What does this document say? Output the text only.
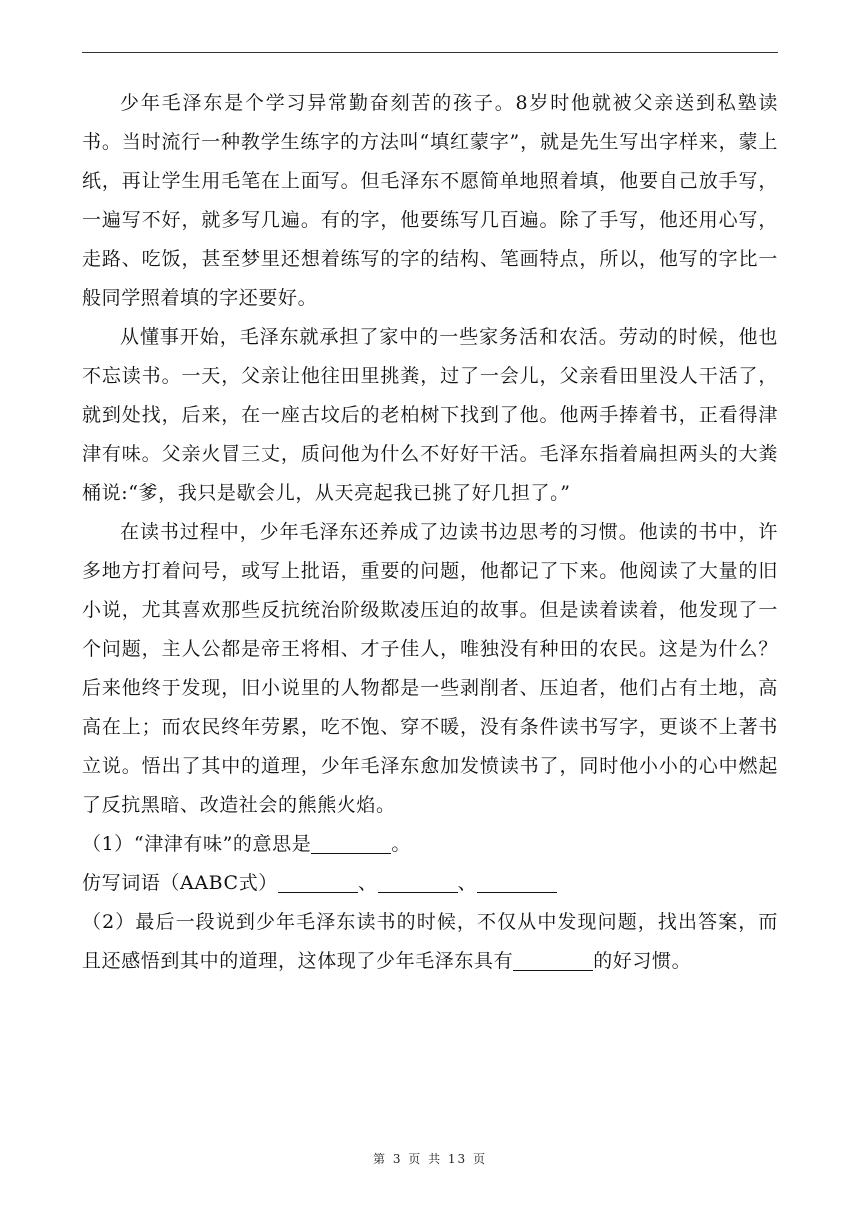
少年毛泽东是个学习异常勤奋刻苦的孩子。8岁时他就被父亲送到私塾读书。当时流行一种教学生练字的方法叫“填红蒙字”，就是先生写出字样来，蒙上纸，再让学生用毛笔在上面写。但毛泽东不愿简单地照着填，他要自己放手写，一遍写不好，就多写几遍。有的字，他要练写几百遍。除了手写，他还用心写，走路、吃饭，甚至梦里还想着练写的字的结构、笔画特点，所以，他写的字比一般同学照着填的字还要好。

从懂事开始，毛泽东就承担了家中的一些家务活和农活。劳动的时候，他也不忘读书。一天，父亲让他往田里挑粪，过了一会儿，父亲看田里没人干活了，就到处找，后来，在一座古坟后的老柏树下找到了他。他两手捧着书，正看得津津有味。父亲火冒三丈，质问他为什么不好好干活。毛泽东指着扁担两头的大粪桶说:“爹，我只是歇会儿，从天亮起我已挑了好几担了。”

在读书过程中，少年毛泽东还养成了边读书边思考的习惯。他读的书中，许多地方打着问号，或写上批语，重要的问题，他都记了下来。他阅读了大量的旧小说，尤其喜欢那些反抗统治阶级欺凌压迫的故事。但是读着读着，他发现了一个问题，主人公都是帝王将相、才子佳人，唯独没有种田的农民。这是为什么？后来他终于发现，旧小说里的人物都是一些剥削者、压迫者，他们占有土地，高高在上；而农民终年劳累，吃不饱、穿不暖，没有条件读书写字，更谈不上著书立说。悟出了其中的道理，少年毛泽东愈加发愤读书了，同时他小小的心中燃起了反抗黑暗、改造社会的熊熊火焰。

（1）“津津有味”的意思是	。

仿写词语（AABC式）	、	、

（2）最后一段说到少年毛泽东读书的时候，不仅从中发现问题，找出答案，而且还感悟到其中的道理，这体现了少年毛泽东具有	的好习惯。

第 3 页 共 13 页
